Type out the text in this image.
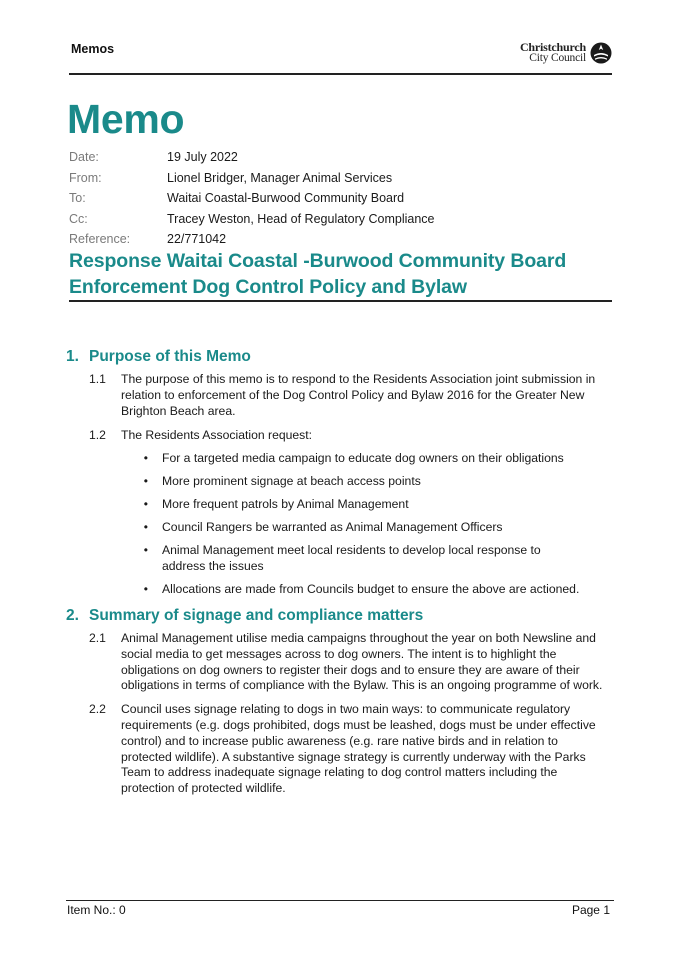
Memos	Christchurch
City Council
Memo
Date:	19 July 2022
From:	Lionel Bridger, Manager Animal Services
To:	Waitai Coastal-Burwood Community Board
Cc:	Tracey Weston, Head of Regulatory Compliance
Reference:	22/771042
Response Waitai Coastal -Burwood Community Board
Enforcement Dog Control Policy and Bylaw
1. Purpose of this Memo
1.1	The purpose of this memo is to respond to the Residents Association joint submission in relation to enforcement of the Dog Control Policy and Bylaw 2016 for the Greater New Brighton Beach area.
1.2	The Residents Association request:
•
For a targeted media campaign to educate dog owners on their obligations
•
More prominent signage at beach access points
•
More frequent patrols by Animal Management
•
Council Rangers be warranted as Animal Management Officers
•
Animal Management meet local residents to develop local response to address the issues
•
Allocations are made from Councils budget to ensure the above are actioned.
2. Summary of signage and compliance matters
2.1	Animal Management utilise media campaigns throughout the year on both Newsline and social media to get messages across to dog owners. The intent is to highlight the obligations on dog owners to register their dogs and to ensure they are aware of their obligations in terms of compliance with the Bylaw. This is an ongoing programme of work.
2.2	Council uses signage relating to dogs in two main ways: to communicate regulatory requirements (e.g. dogs prohibited, dogs must be leashed, dogs must be under effective control) and to increase public awareness (e.g. rare native birds and in relation to protected wildlife). A substantive signage strategy is currently underway with the Parks Team to address inadequate signage relating to dog control matters including the protection of protected wildlife.
Item No.: 0	Page 1
